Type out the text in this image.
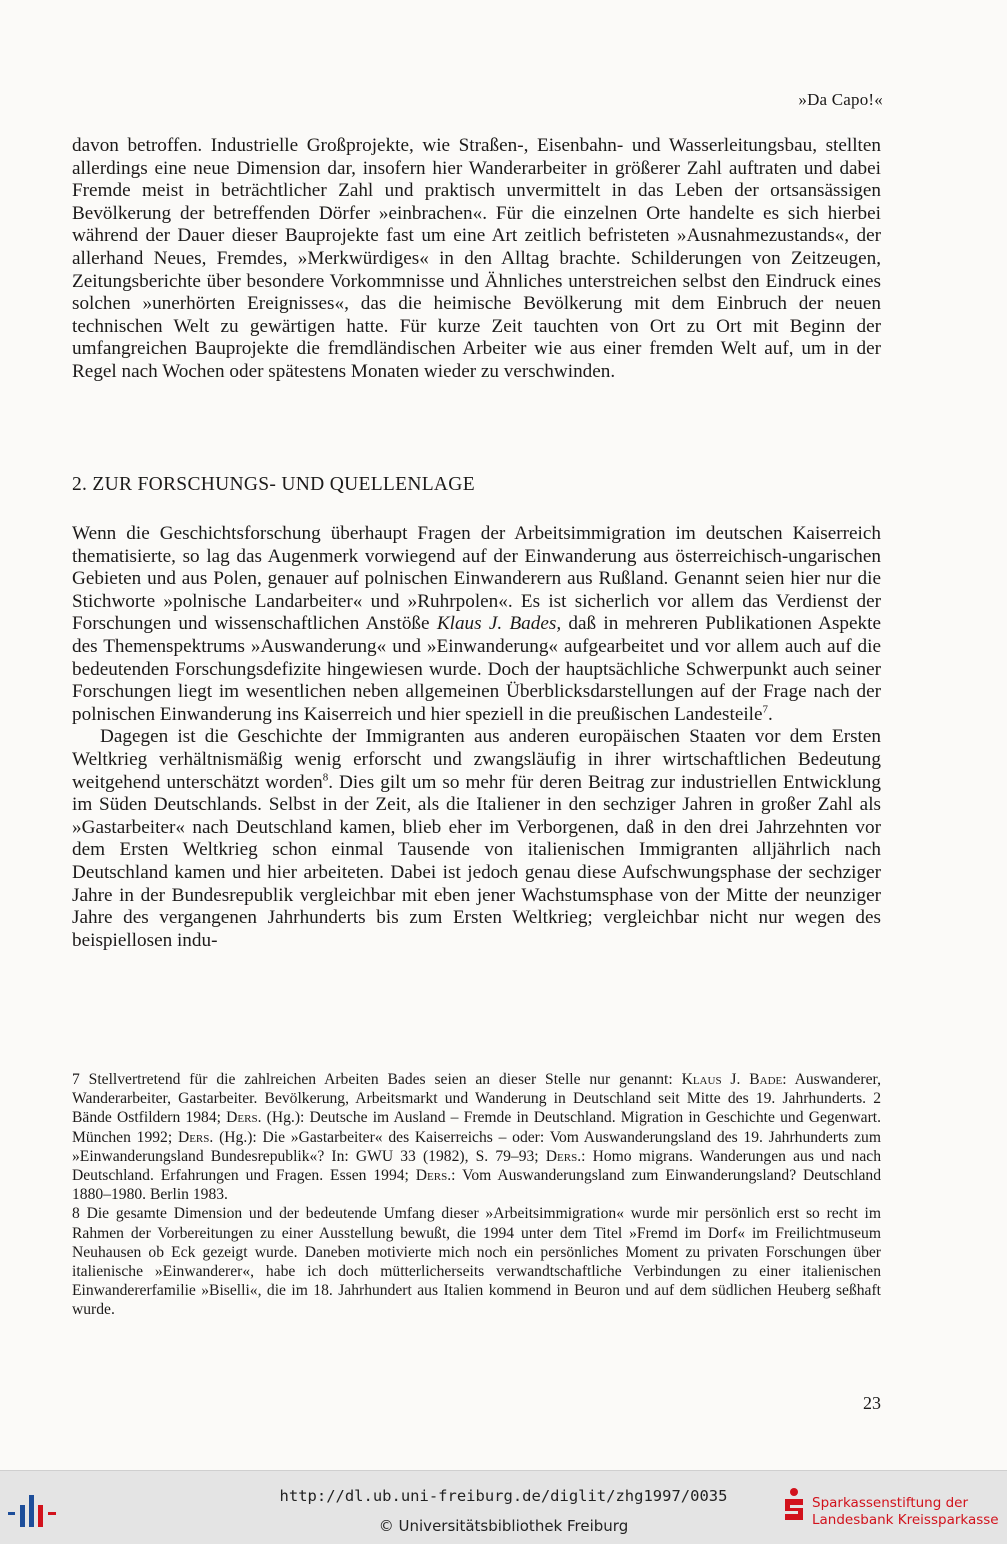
»Da Capo!«

davon betroffen. Industrielle Großprojekte, wie Straßen-, Eisenbahn- und Wasserleitungsbau, stellten allerdings eine neue Dimension dar, insofern hier Wanderarbeiter in größerer Zahl auftraten und dabei Fremde meist in beträchtlicher Zahl und praktisch unvermittelt in das Leben der ortsansässigen Bevölkerung der betreffenden Dörfer »einbrachen«. Für die einzelnen Orte handelte es sich hierbei während der Dauer dieser Bauprojekte fast um eine Art zeitlich befristeten »Ausnahmezustands«, der allerhand Neues, Fremdes, »Merkwürdiges« in den Alltag brachte. Schilderungen von Zeitzeugen, Zeitungsberichte über besondere Vorkommnisse und Ähnliches unterstreichen selbst den Eindruck eines solchen »unerhörten Ereignisses«, das die heimische Bevölkerung mit dem Einbruch der neuen technischen Welt zu gewärtigen hatte. Für kurze Zeit tauchten von Ort zu Ort mit Beginn der umfangreichen Bauprojekte die fremdländischen Arbeiter wie aus einer fremden Welt auf, um in der Regel nach Wochen oder spätestens Monaten wieder zu verschwinden.

2. ZUR FORSCHUNGS- UND QUELLENLAGE

Wenn die Geschichtsforschung überhaupt Fragen der Arbeitsimmigration im deutschen Kaiserreich thematisierte, so lag das Augenmerk vorwiegend auf der Einwanderung aus österreichisch-ungarischen Gebieten und aus Polen, genauer auf polnischen Einwanderern aus Rußland. Genannt seien hier nur die Stichworte »polnische Landarbeiter« und »Ruhrpolen«. Es ist sicherlich vor allem das Verdienst der Forschungen und wissenschaftlichen Anstöße Klaus J. Bades, daß in mehreren Publikationen Aspekte des Themenspektrums »Auswanderung« und »Einwanderung« aufgearbeitet und vor allem auch auf die bedeutenden Forschungsdefizite hingewiesen wurde. Doch der hauptsächliche Schwerpunkt auch seiner Forschungen liegt im wesentlichen neben allgemeinen Überblicksdarstellungen auf der Frage nach der polnischen Einwanderung ins Kaiserreich und hier speziell in die preußischen Landesteile$^7$.

Dagegen ist die Geschichte der Immigranten aus anderen europäischen Staaten vor dem Ersten Weltkrieg verhältnismäßig wenig erforscht und zwangsläufig in ihrer wirtschaftlichen Bedeutung weitgehend unterschätzt worden$^8$. Dies gilt um so mehr für deren Beitrag zur industriellen Entwicklung im Süden Deutschlands. Selbst in der Zeit, als die Italiener in den sechziger Jahren in großer Zahl als »Gastarbeiter« nach Deutschland kamen, blieb eher im Verborgenen, daß in den drei Jahrzehnten vor dem Ersten Weltkrieg schon einmal Tausende von italienischen Immigranten alljährlich nach Deutschland kamen und hier arbeiteten. Dabei ist jedoch genau diese Aufschwungsphase der sechziger Jahre in der Bundesrepublik vergleichbar mit eben jener Wachstumsphase von der Mitte der neunziger Jahre des vergangenen Jahrhunderts bis zum Ersten Weltkrieg; vergleichbar nicht nur wegen des beispiellosen indu-

7 Stellvertretend für die zahlreichen Arbeiten Bades seien an dieser Stelle nur genannt: Klaus J. Bade: Auswanderer, Wanderarbeiter, Gastarbeiter. Bevölkerung, Arbeitsmarkt und Wanderung in Deutschland seit Mitte des 19. Jahrhunderts. 2 Bände Ostfildern 1984; Ders. (Hg.): Deutsche im Ausland – Fremde in Deutschland. Migration in Geschichte und Gegenwart. München 1992; Ders. (Hg.): Die »Gastarbeiter« des Kaiserreichs – oder: Vom Auswanderungsland des 19. Jahrhunderts zum »Einwanderungsland Bundesrepublik«? In: GWU 33 (1982), S. 79–93; Ders.: Homo migrans. Wanderungen aus und nach Deutschland. Erfahrungen und Fragen. Essen 1994; Ders.: Vom Auswanderungsland zum Einwanderungsland? Deutschland 1880–1980. Berlin 1983.

8 Die gesamte Dimension und der bedeutende Umfang dieser »Arbeitsimmigration« wurde mir persönlich erst so recht im Rahmen der Vorbereitungen zu einer Ausstellung bewußt, die 1994 unter dem Titel »Fremd im Dorf« im Freilichtmuseum Neuhausen ob Eck gezeigt wurde. Daneben motivierte mich noch ein persönliches Moment zu privaten Forschungen über italienische »Einwanderer«, habe ich doch mütterlicherseits verwandtschaftliche Verbindungen zu einer italienischen Einwandererfamilie »Biselli«, die im 18. Jahrhundert aus Italien kommend in Beuron und auf dem südlichen Heuberg seßhaft wurde.

23
http://dl.ub.uni-freiburg.de/diglit/zhg1997/0035
© Universitätsbibliothek Freiburg
Sparkassenstiftung der
Landesbank Kreissparkasse
